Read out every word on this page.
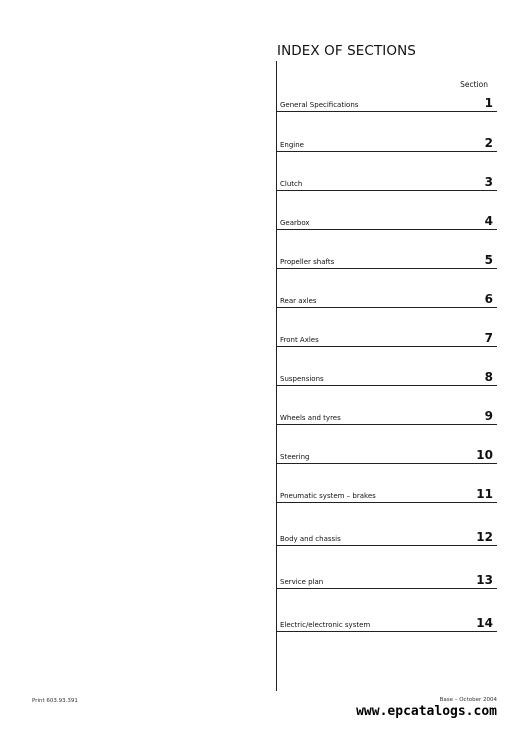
INDEX OF SECTIONS
Section
General Specifications	1
Engine	2
Clutch	3
Gearbox	4
Propeller shafts	5
Rear axles	6
Front Axles	7
Suspensions	8
Wheels and tyres	9
Steering	10
Pneumatic system – brakes	11
Body and chassis	12
Service plan	13
Electric/electronic system	14
Print 603.93.391	Base – October 2004
www.epcatalogs.com
